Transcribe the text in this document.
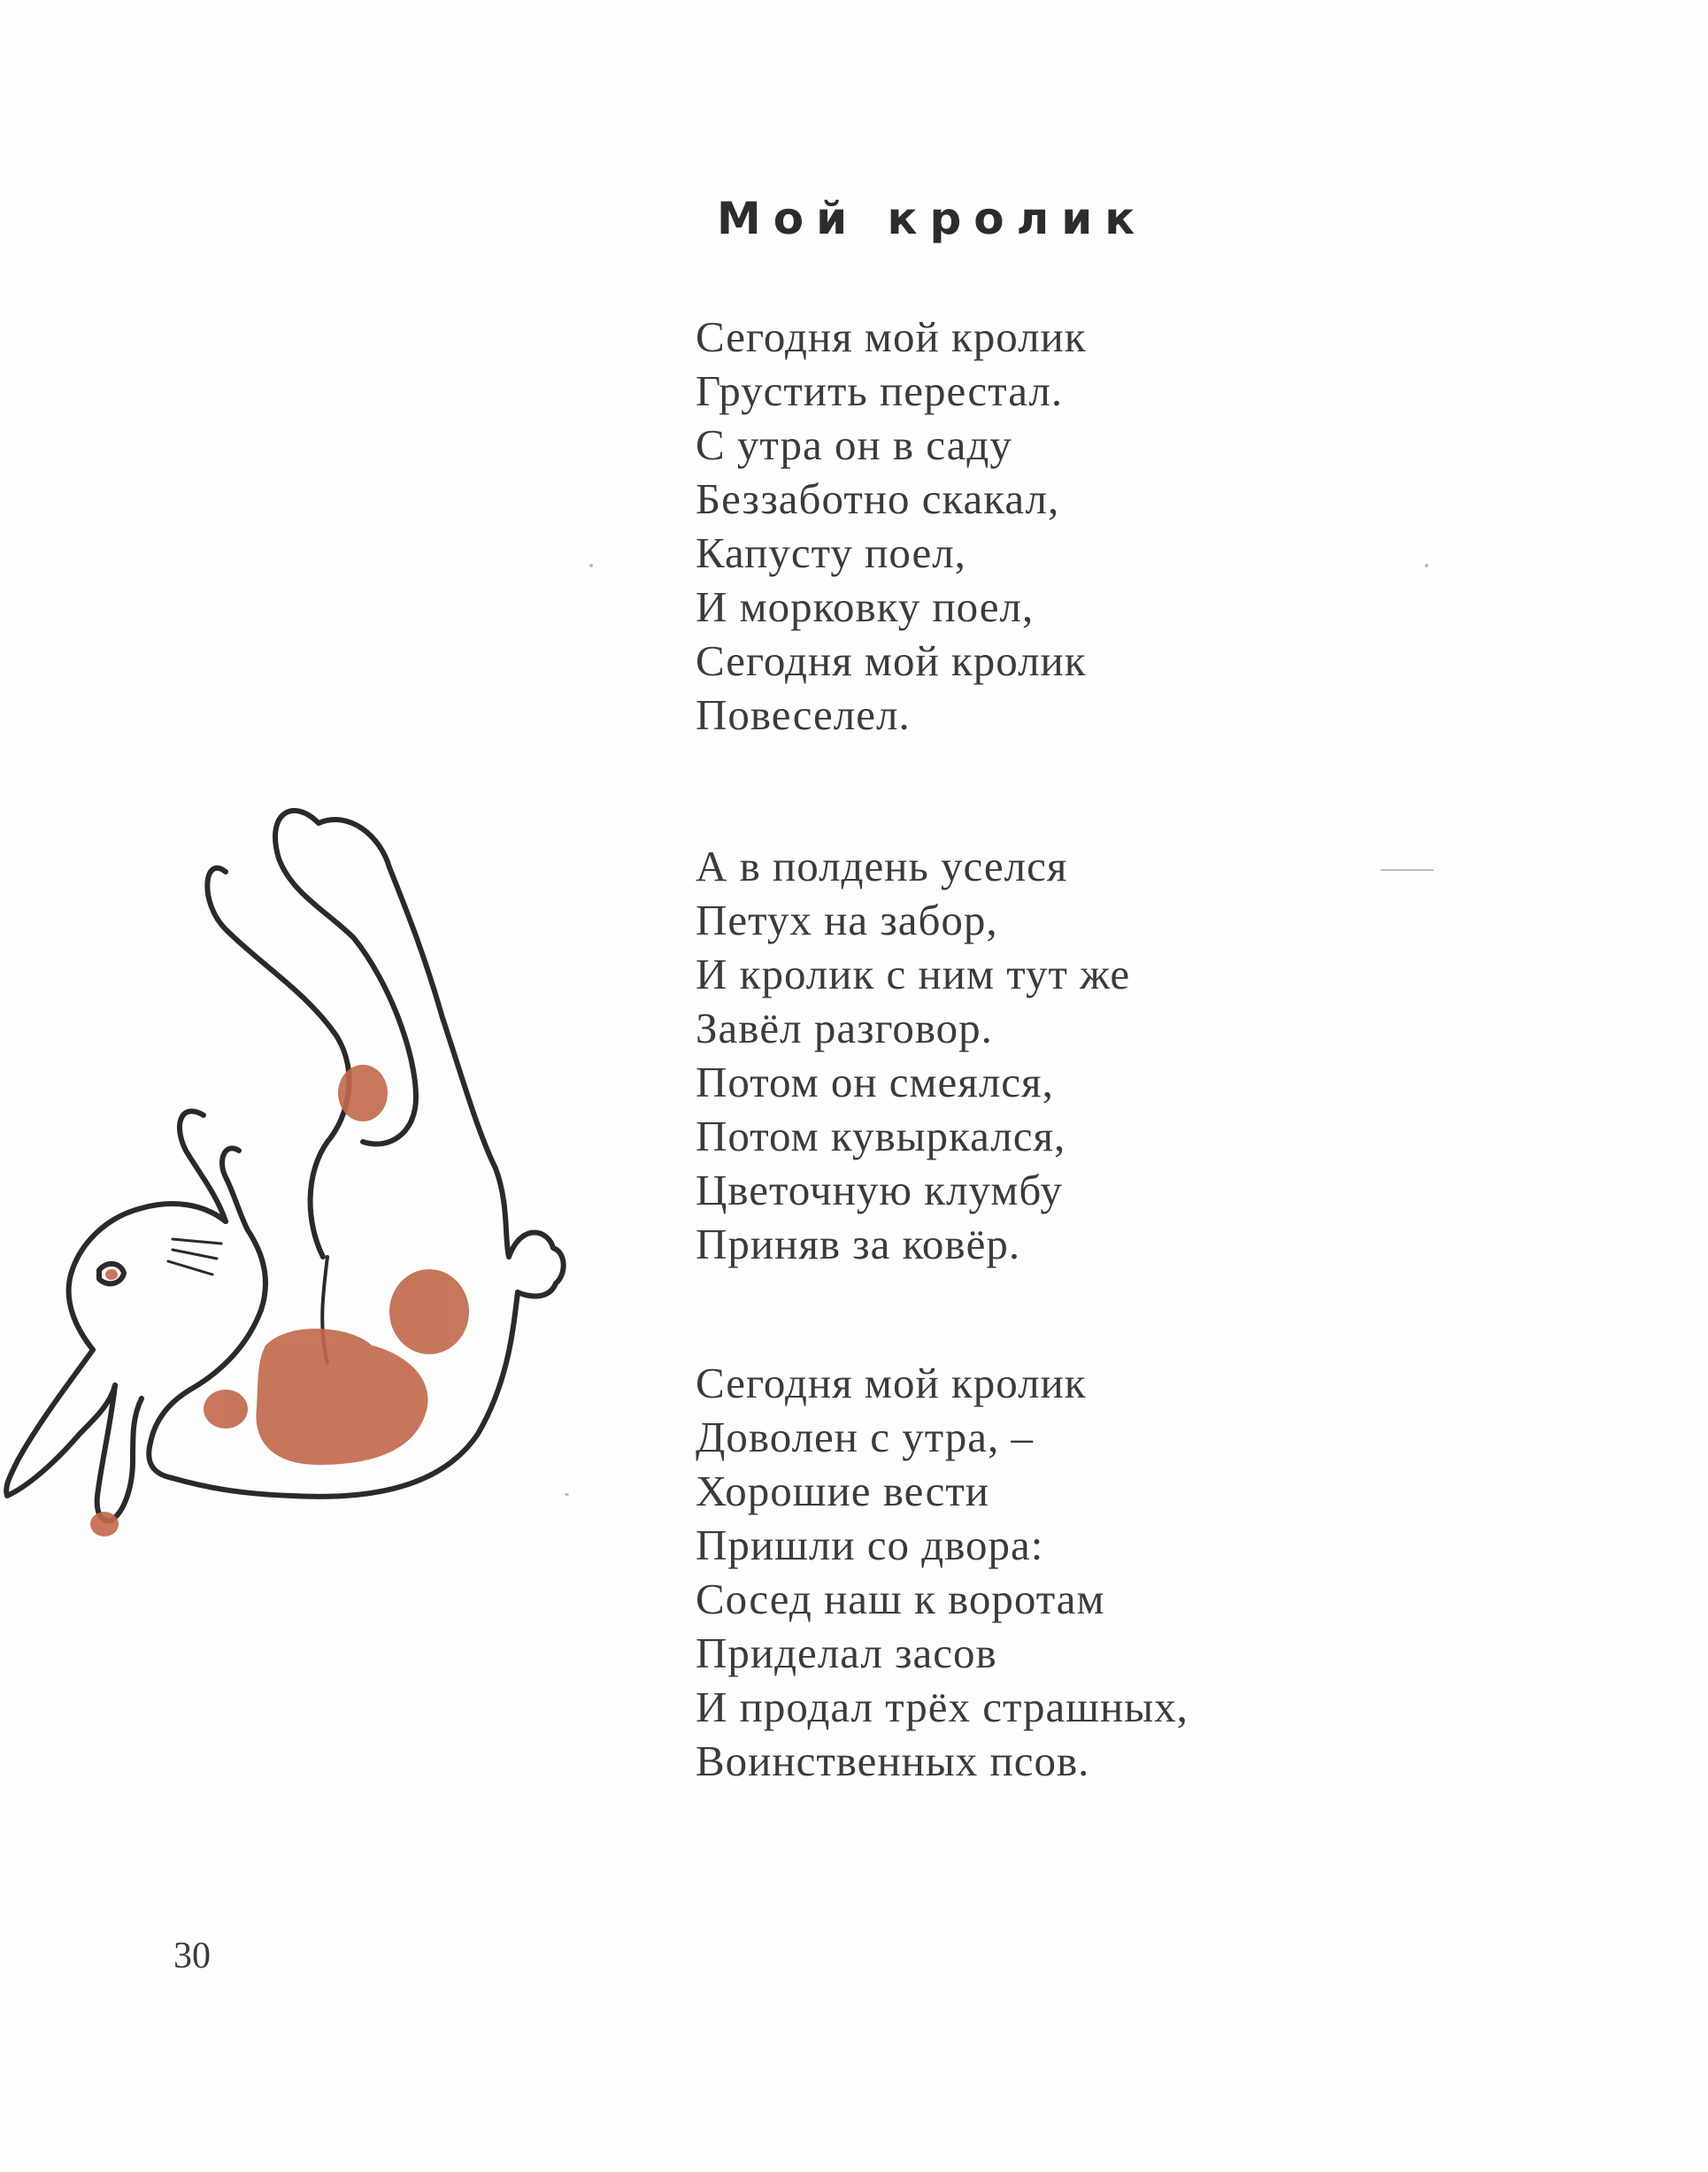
Мой кролик
Сегодня мой кролик
Грустить перестал.
С утра он в саду
Беззаботно скакал,
Капусту поел,
И морковку поел,
Сегодня мой кролик
Повеселел.
А в полдень уселся
Петух на забор,
И кролик с ним тут же
Завёл разговор.
Потом он смеялся,
Потом кувыркался,
Цветочную клумбу
Приняв за ковёр.
Сегодня мой кролик
Доволен с утра, –
Хорошие вести
Пришли со двора:
Сосед наш к воротам
Приделал засов
И продал трёх страшных,
Воинственных псов.
30
